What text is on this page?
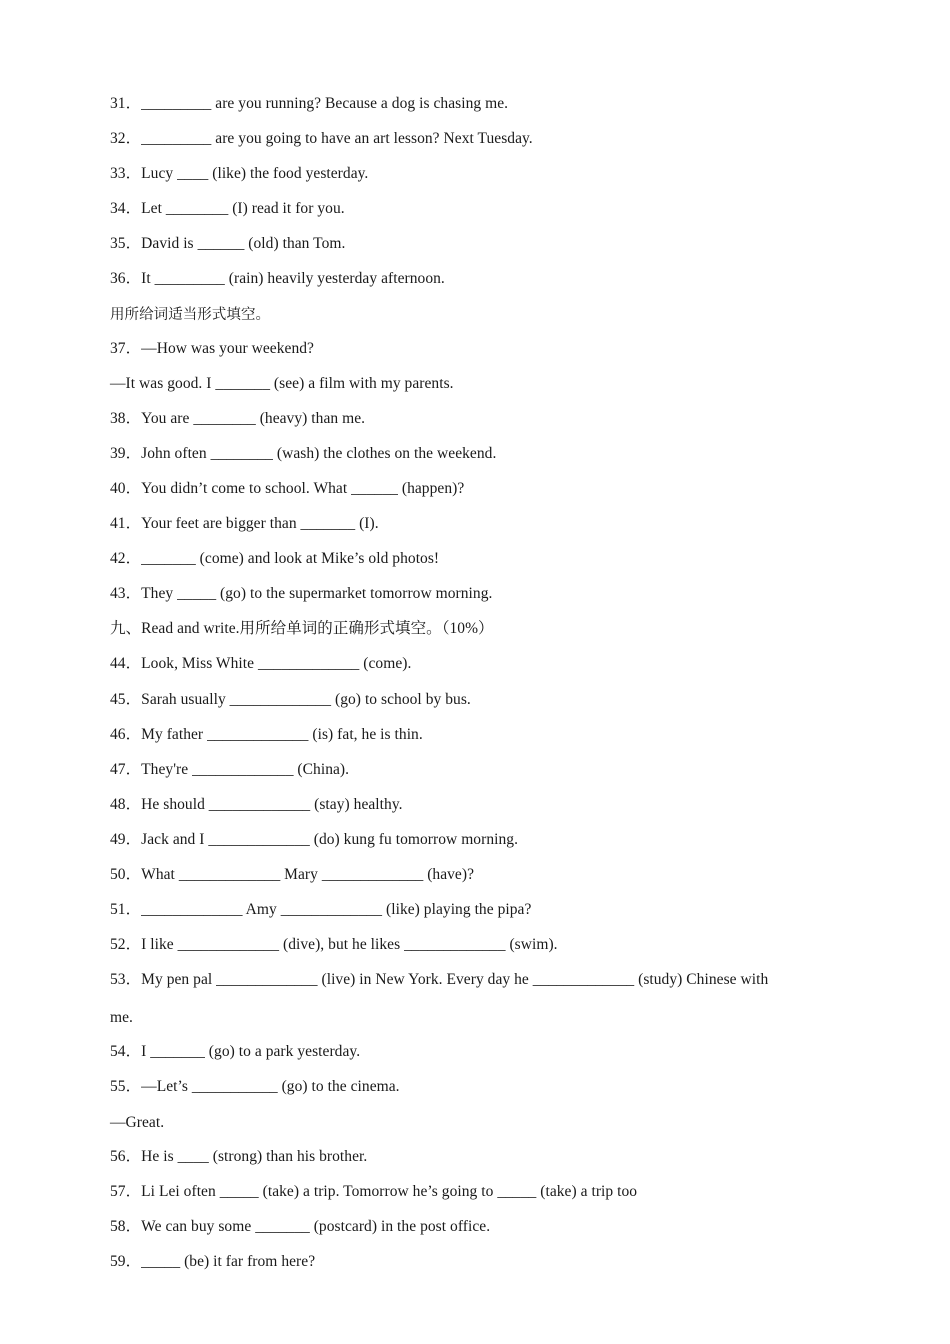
31．_________ are you running? Because a dog is chasing me.
32．_________ are you going to have an art lesson? Next Tuesday.
33．Lucy ____ (like) the food yesterday.
34．Let ________ (I) read it for you.
35．David is ______ (old) than Tom.
36．It _________ (rain) heavily yesterday afternoon.
用所给词适当形式填空。
37．—How was your weekend?
—It was good. I _______ (see) a film with my parents.
38．You are ________ (heavy) than me.
39．John often ________ (wash) the clothes on the weekend.
40．You didn’t come to school. What ______ (happen)?
41．Your feet are bigger than _______ (I).
42．_______ (come) and look at Mike’s old photos!
43．They _____ (go) to the supermarket tomorrow morning.
九、Read and write.用所给单词的正确形式填空。（10%）
44．Look, Miss White _____________ (come).
45．Sarah usually _____________ (go) to school by bus.
46．My father _____________ (is) fat, he is thin.
47．They're _____________ (China).
48．He should _____________ (stay) healthy.
49．Jack and I _____________ (do) kung fu tomorrow morning.
50．What _____________ Mary _____________ (have)?
51．_____________ Amy _____________ (like) playing the pipa?
52．I like _____________ (dive), but he likes _____________ (swim).
53．My pen pal _____________ (live) in New York. Every day he _____________ (study) Chinese with
me.
54．I _______ (go) to a park yesterday.
55．—Let’s ___________ (go) to the cinema.
—Great.
56．He is ____ (strong) than his brother.
57．Li Lei often _____ (take) a trip. Tomorrow he’s going to _____ (take) a trip too
58．We can buy some _______ (postcard) in the post office.
59．_____ (be) it far from here?
